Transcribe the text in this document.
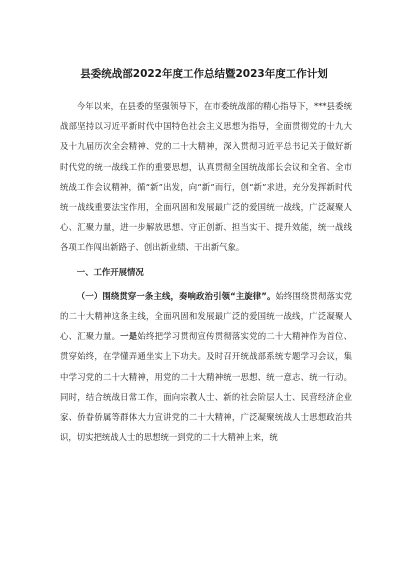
县委统战部2022年度工作总结暨2023年度工作计划

今年以来，在县委的坚强领导下，在市委统战部的精心指导下，***县委统战部坚持以习近平新时代中国特色社会主义思想为指导，全面贯彻党的十九大及十九届历次全会精神、党的二十大精神，深入贯彻习近平总书记关于做好新时代党的统一战线工作的重要思想，认真贯彻全国统战部长会议和全省、全市统战工作会议精神，循“新”出发，向“新”而行，创“新”求进，充分发挥新时代统一战线重要法宝作用，全面巩固和发展最广泛的爱国统一战线，广泛凝聚人心、汇聚力量，进一步解放思想、守正创新、担当实干、提升效能，统一战线各项工作闯出新路子、创出新业绩、干出新气象。

一、工作开展情况

（一）围绕贯穿一条主线，奏响政治引领“主旋律”。始终围绕贯彻落实党的二十大精神这条主线，全面巩固和发展最广泛的爱国统一战线，广泛凝聚人心、汇聚力量。一是始终把学习贯彻宣传贯彻落实党的二十大精神作为首位、贯穿始终，在学懂弄通坐实上下功夫。及时召开统战部系统专题学习会议，集中学习党的二十大精神，用党的二十大精神统一思想、统一意志、统一行动。同时，结合统战日常工作，面向宗教人士、新的社会阶层人士、民营经济企业家、侨眷侨属等群体大力宣讲党的二十大精神，广泛凝聚统战人士思想政治共识，切实把统战人士的思想统一到党的二十大精神上来，统
